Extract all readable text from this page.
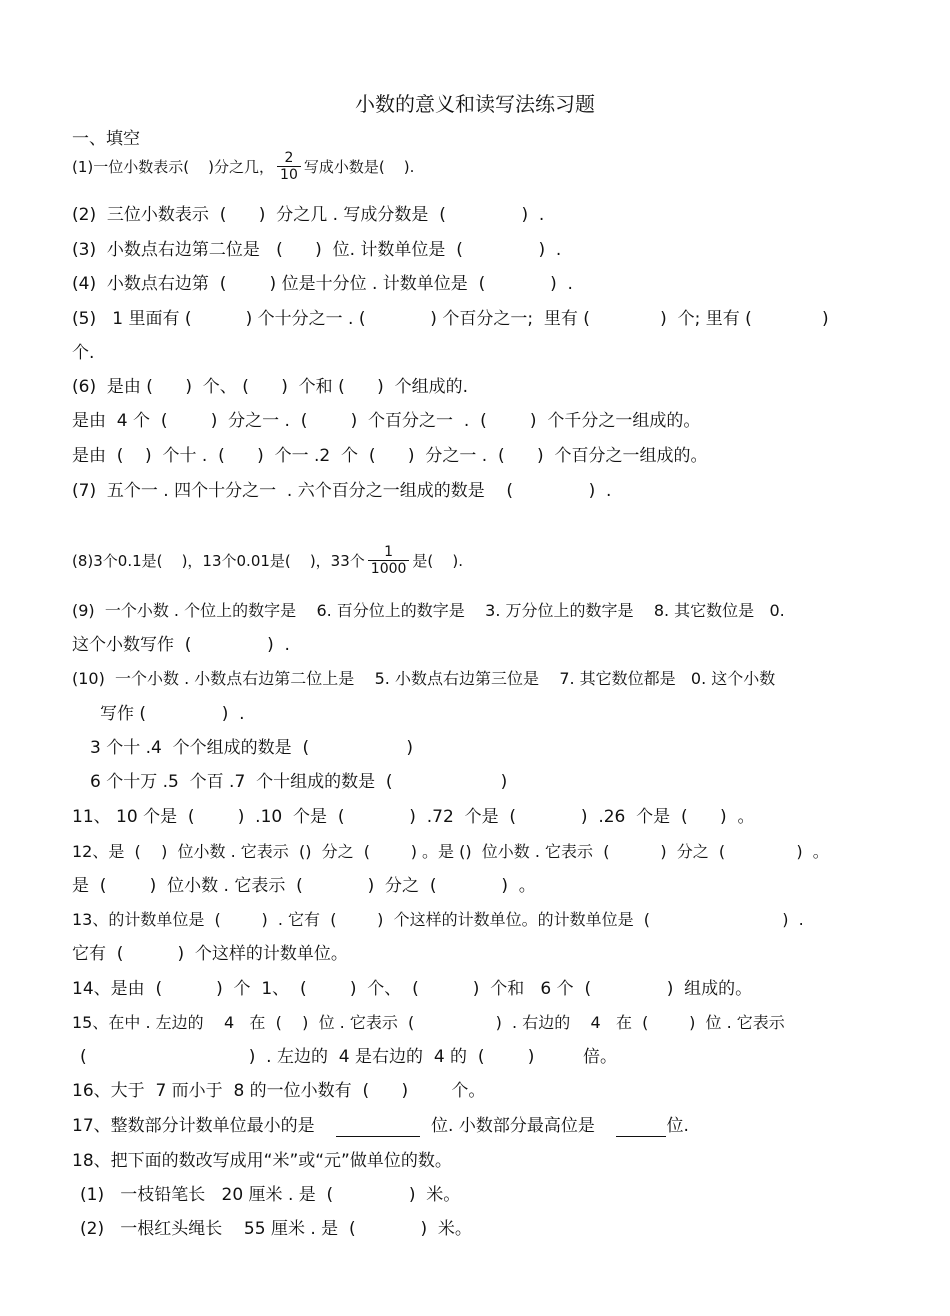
小数的意义和读写法练习题
一、填空
(1)一位小数表示(    )分之几， $\frac{2}{10}$ 写成小数是(    ).
(2)  三位小数表示  (      )  分之几 . 写成分数是  (              )  .
(3)  小数点右边第二位是   (      )  位. 计数单位是  (              )  .
(4)  小数点右边第  (        ) 位是十分位 . 计数单位是  (            )  .
(5)   1 里面有 (          ) 个十分之一 . (            ) 个百分之一;  里有 (             )  个; 里有 (             )
个.
(6)  是由 (      )  个、 (      )  个和 (      )  个组成的.
是由  4 个  (        )  分之一 .  (        )  个百分之一  .  (        )  个千分之一组成的。
是由  (    )  个十 .  (      )  个一 .2  个  (      )  分之一 .  (      )  个百分之一组成的。
(7)  五个一 . 四个十分之一  . 六个百分之一组成的数是    (              )  .
(8)3个0.1是(    )，13个0.01是(    )，33个 $\frac{1}{1000}$ 是(    ).
(9)  一个小数 . 个位上的数字是    6. 百分位上的数字是    3. 万分位上的数字是    8. 其它数位是   0.
这个小数写作  (              )  .
(10)  一个小数 . 小数点右边第二位上是    5. 小数点右边第三位是    7. 其它数位都是   0. 这个小数
写作 (              )  .
3 个十 .4  个个组成的数是  (                  )
6 个十万 .5  个百 .7  个十组成的数是  (                    )
11、 10 个是  (        )  .10  个是  (            )  .72  个是  (            )  .26  个是  (      )  。
12、是  (    )  位小数 . 它表示  ()  分之  (        ) 。是 ()  位小数 . 它表示  (          )  分之  (              )  。
是  (        )  位小数 . 它表示  (            )  分之  (            )  。
13、的计数单位是  (        )  . 它有  (        )  个这样的计数单位。的计数单位是  (                          )  .
它有  (          )  个这样的计数单位。
14、是由  (          )  个  1、  (        )  个、  (          )  个和   6 个  (              )  组成的。
15、在中 . 左边的    4   在  (    )  位 . 它表示  (                )  . 右边的    4   在  (        )  位 . 它表示
(                              )  . 左边的  4 是右边的  4 的  (        )         倍。
16、大于  7 而小于  8 的一位小数有  (      )        个。
17、整数部分计数单位最小的是	位. 小数部分最高位是	位.
18、把下面的数改写成用“米”或“元”做单位的数。
(1)   一枝铅笔长   20 厘米 . 是  (              )  米。
(2)   一根红头绳长    55 厘米 . 是  (            )  米。
